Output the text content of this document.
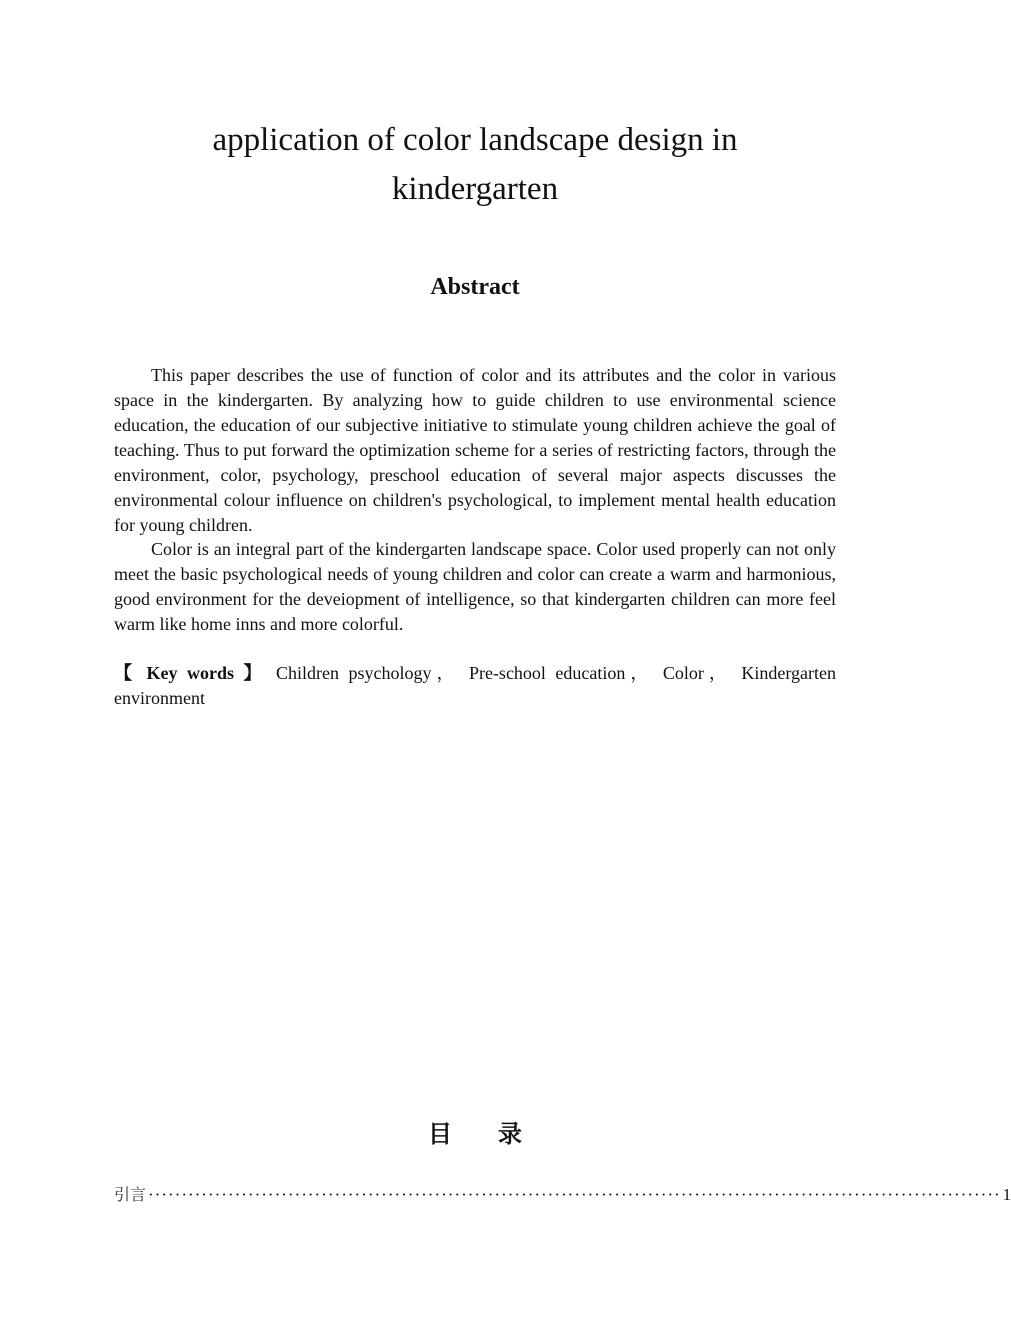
application of color landscape design in kindergarten
Abstract

This paper describes the use of function of color and its attributes and the color in various space in the kindergarten. By analyzing how to guide children to use environmental science education, the education of our subjective initiative to stimulate young children achieve the goal of teaching. Thus to put forward the optimization scheme for a series of restricting factors, through the environment, color, psychology, preschool education of several major aspects discusses the environmental colour influence on children's psychological, to implement mental health education for young children.

Color is an integral part of the kindergarten landscape space. Color used properly can not only meet the basic psychological needs of young children and color can create a warm and harmonious, good environment for the deveiopment of intelligence, so that kindergarten children can more feel warm like home inns and more colorful.

【 Key words 】 Children psychology， Pre-school education， Color， Kindergarten environment

目录
引言 ································································································································ 1
